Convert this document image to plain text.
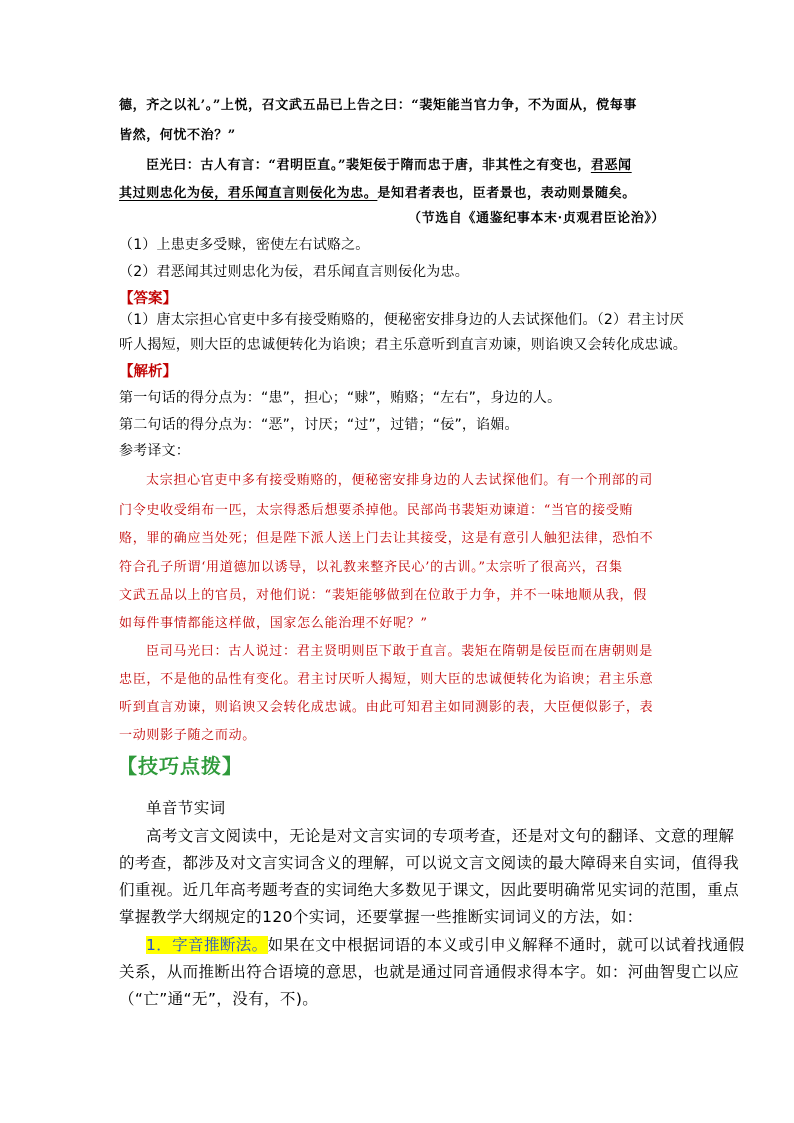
德，齐之以礼’。”上悦，召文武五品已上告之曰：“裴矩能当官力争，不为面从，傥每事

皆然，何忧不治？”

臣光曰：古人有言：“君明臣直。”裴矩佞于隋而忠于唐，非其性之有变也，君恶闻

其过则忠化为佞，君乐闻直言则佞化为忠。是知君者表也，臣者景也，表动则景随矣。

（节选自《通鉴纪事本末·贞观君臣论治》）

（1）上患吏多受赇，密使左右试赂之。

（2）君恶闻其过则忠化为佞，君乐闻直言则佞化为忠。

【答案】

（1）唐太宗担心官吏中多有接受贿赂的，便秘密安排身边的人去试探他们。（2）君主讨厌

听人揭短，则大臣的忠诚便转化为谄谀；君主乐意听到直言劝谏，则谄谀又会转化成忠诚。

【解析】

第一句话的得分点为：“患”，担心；“赇”，贿赂；“左右”，身边的人。

第二句话的得分点为：“恶”，讨厌；“过”，过错；“佞”，谄媚。

参考译文：

太宗担心官吏中多有接受贿赂的，便秘密安排身边的人去试探他们。有一个刑部的司

门令史收受绢布一匹，太宗得悉后想要杀掉他。民部尚书裴矩劝谏道：“当官的接受贿

赂，罪的确应当处死；但是陛下派人送上门去让其接受，这是有意引人触犯法律，恐怕不

符合孔子所谓‘用道德加以诱导，以礼教来整齐民心’的古训。”太宗听了很高兴，召集

文武五品以上的官员，对他们说：“裴矩能够做到在位敢于力争，并不一味地顺从我，假

如每件事情都能这样做，国家怎么能治理不好呢？”

臣司马光曰：古人说过：君主贤明则臣下敢于直言。裴矩在隋朝是佞臣而在唐朝则是

忠臣，不是他的品性有变化。君主讨厌听人揭短，则大臣的忠诚便转化为谄谀；君主乐意

听到直言劝谏，则谄谀又会转化成忠诚。由此可知君主如同测影的表，大臣便似影子，表

一动则影子随之而动。

【技巧点拨】

单音节实词

高考文言文阅读中，无论是对文言实词的专项考查，还是对文句的翻译、文意的理解

的考查，都涉及对文言实词含义的理解，可以说文言文阅读的最大障碍来自实词，值得我

们重视。近几年高考题考查的实词绝大多数见于课文，因此要明确常见实词的范围，重点

掌握教学大纲规定的120个实词，还要掌握一些推断实词词义的方法，如：

1．字音推断法。如果在文中根据词语的本义或引申义解释不通时，就可以试着找通假

关系，从而推断出符合语境的意思，也就是通过同音通假求得本字。如：河曲智叟亡以应

（“亡”通“无”，没有，不)。
